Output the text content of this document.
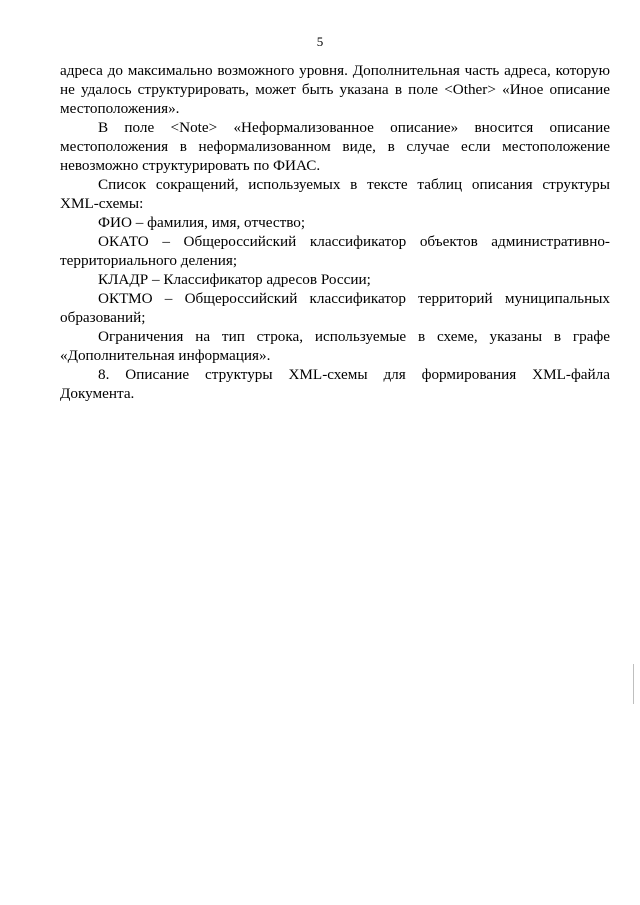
5

адреса до максимально возможного уровня. Дополнительная часть адреса, которую не удалось структурировать, может быть указана в поле <Other> «Иное описание местоположения».

В поле <Note> «Неформализованное описание» вносится описание местоположения в неформализованном виде, в случае если местоположение невозможно структурировать по ФИАС.

Список сокращений, используемых в тексте таблиц описания структуры XML-схемы:

ФИО – фамилия, имя, отчество;

ОКАТО – Общероссийский классификатор объектов административно-территориального деления;

КЛАДР – Классификатор адресов России;

ОКТМО – Общероссийский классификатор территорий муниципальных образований;

Ограничения на тип строка, используемые в схеме, указаны в графе «Дополнительная информация».

8. Описание структуры XML-схемы для формирования XML-файла Документа.
